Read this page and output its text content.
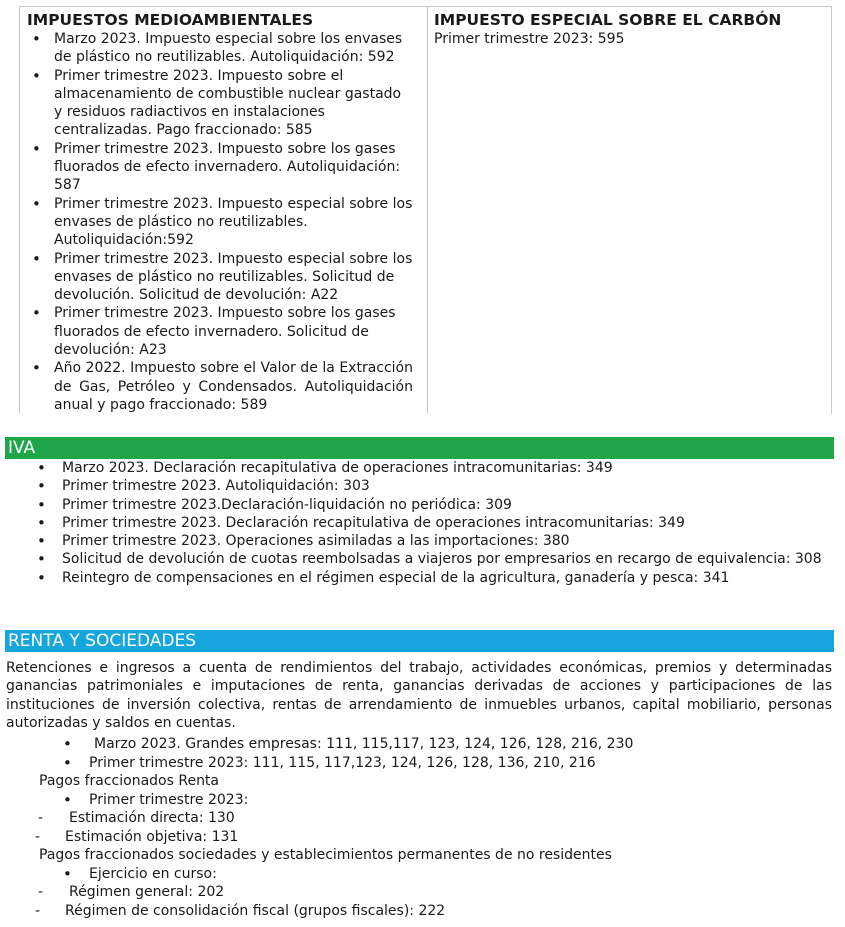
IMPUESTOS MEDIOAMBIENTALES

• Marzo 2023. Impuesto especial sobre los envases de plástico no reutilizables. Autoliquidación: 592
• Primer trimestre 2023. Impuesto sobre el almacenamiento de combustible nuclear gastado y residuos radiactivos en instalaciones centralizadas. Pago fraccionado: 585
• Primer trimestre 2023. Impuesto sobre los gases fluorados de efecto invernadero. Autoliquidación: 587
• Primer trimestre 2023. Impuesto especial sobre los envases de plástico no reutilizables. Autoliquidación:592
• Primer trimestre 2023. Impuesto especial sobre los envases de plástico no reutilizables. Solicitud de devolución. Solicitud de devolución: A22
• Primer trimestre 2023. Impuesto sobre los gases fluorados de efecto invernadero. Solicitud de devolución: A23
• Año 2022. Impuesto sobre el Valor de la Extracción de Gas, Petróleo y Condensados. Autoliquidación anual y pago fraccionado: 589

IMPUESTO ESPECIAL SOBRE EL CARBÓN

Primer trimestre 2023: 595

IVA
• Marzo 2023. Declaración recapitulativa de operaciones intracomunitarias: 349
• Primer trimestre 2023. Autoliquidación: 303
• Primer trimestre 2023.Declaración-liquidación no periódica: 309
• Primer trimestre 2023. Declaración recapitulativa de operaciones intracomunitarias: 349
• Primer trimestre 2023. Operaciones asimiladas a las importaciones: 380
• Solicitud de devolución de cuotas reembolsadas a viajeros por empresarios en recargo de equivalencia: 308
• Reintegro de compensaciones en el régimen especial de la agricultura, ganadería y pesca: 341
RENTA Y SOCIEDADES

Retenciones e ingresos a cuenta de rendimientos del trabajo, actividades económicas, premios y determinadas ganancias patrimoniales e imputaciones de renta, ganancias derivadas de acciones y participaciones de las instituciones de inversión colectiva, rentas de arrendamiento de inmuebles urbanos, capital mobiliario, personas autorizadas y saldos en cuentas.

• Marzo 2023. Grandes empresas: 111, 115,117, 123, 124, 126, 128, 216, 230
• Primer trimestre 2023: 111, 115, 117,123, 124, 126, 128, 136, 210, 216
Pagos fraccionados Renta
• Primer trimestre 2023:
- Estimación directa: 130
- Estimación objetiva: 131
Pagos fraccionados sociedades y establecimientos permanentes de no residentes
• Ejercicio en curso:
- Régimen general: 202
- Régimen de consolidación fiscal (grupos fiscales): 222
